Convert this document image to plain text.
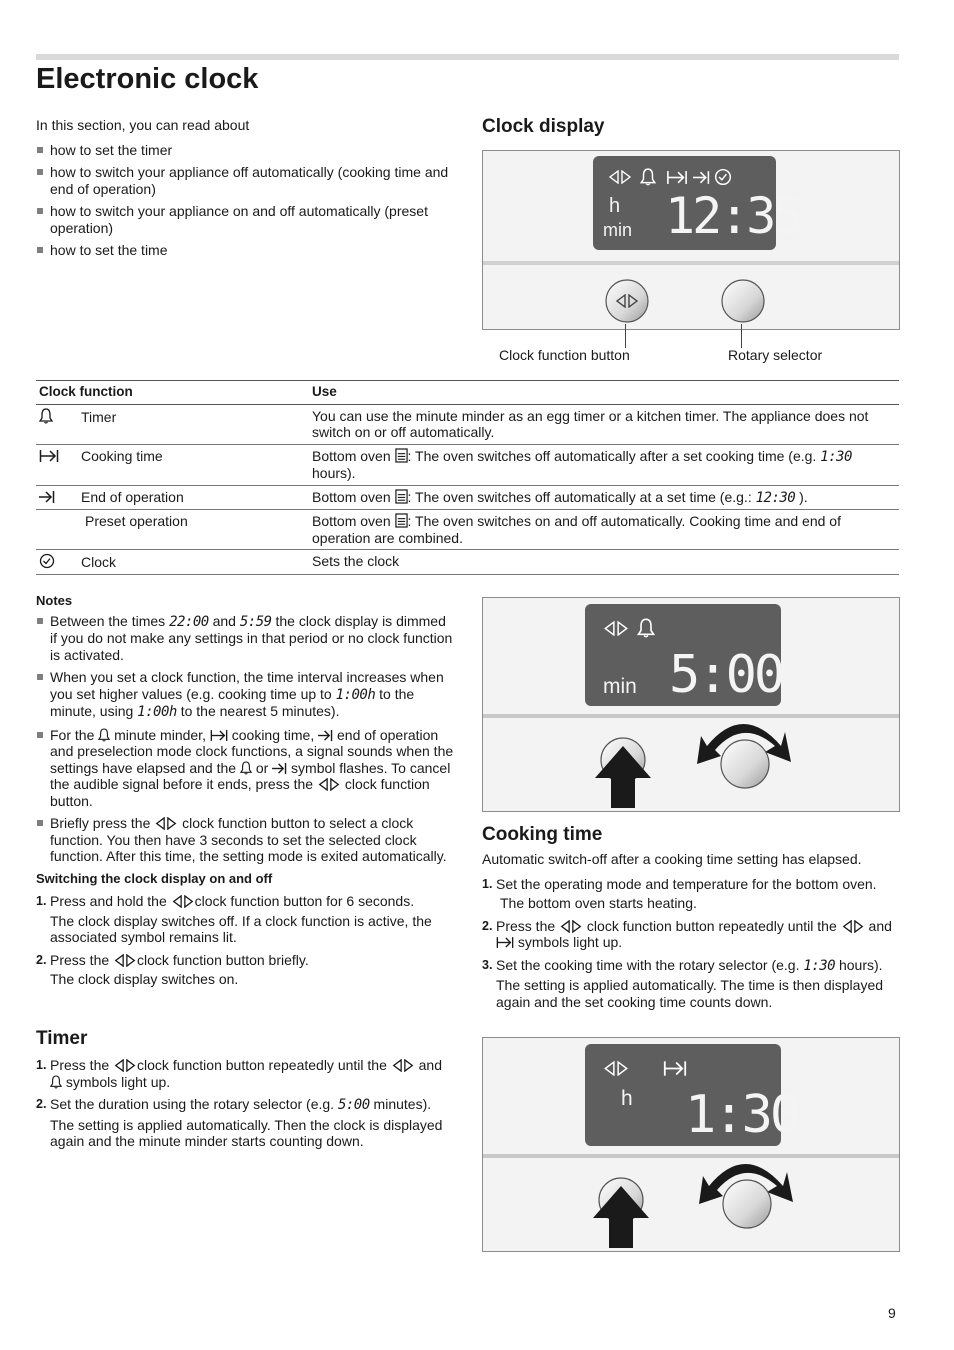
Electronic clock
In this section, you can read about
how to set the timer
how to switch your appliance off automatically (cooking time and end of operation)
how to switch your appliance on and off automatically (preset operation)
how to set the time
Clock display
h
min 12:35
Clock function button	Rotary selector
Clock function	Use
Timer	You can use the minute minder as an egg timer or a kitchen timer. The appliance does not switch on or off automatically.
Cooking time	Bottom oven : The oven switches off automatically after a set cooking time (e.g. 1:30 hours).
End of operation	Bottom oven : The oven switches off automatically at a set time (e.g.: 12:30 ).
Preset operation	Bottom oven : The oven switches on and off automatically. Cooking time and end of operation are combined.
Clock	Sets the clock
Notes
Between the times 22:00 and 5:59 the clock display is dimmed if you do not make any settings in that period or no clock function is activated.
When you set a clock function, the time interval increases when you set higher values (e.g. cooking time up to 1:00h to the minute, using 1:00h to the nearest 5 minutes).
For the minute minder, cooking time, end of operation and preselection mode clock functions, a signal sounds when the settings have elapsed and the or symbol flashes. To cancel the audible signal before it ends, press the clock function button.
Briefly press the clock function button to select a clock function. You then have 3 seconds to set the selected clock function. After this time, the setting mode is exited automatically.
Switching the clock display on and off
1. Press and hold the clock function button for 6 seconds.
The clock display switches off. If a clock function is active, the associated symbol remains lit.
2. Press the clock function button briefly.
The clock display switches on.
Timer
1. Press the clock function button repeatedly until the and  symbols light up.
2. Set the duration using the rotary selector (e.g. 5:00 minutes).
The setting is applied automatically. Then the clock is displayed again and the minute minder starts counting down.
min 5:00
Cooking time
Automatic switch-off after a cooking time setting has elapsed.
1. Set the operating mode and temperature for the bottom oven.
The bottom oven starts heating.
2. Press the clock function button repeatedly until the and  symbols light up.
3. Set the cooking time with the rotary selector (e.g. 1:30 hours).
The setting is applied automatically. The time is then displayed again and the set cooking time counts down.
h 1:30
9
